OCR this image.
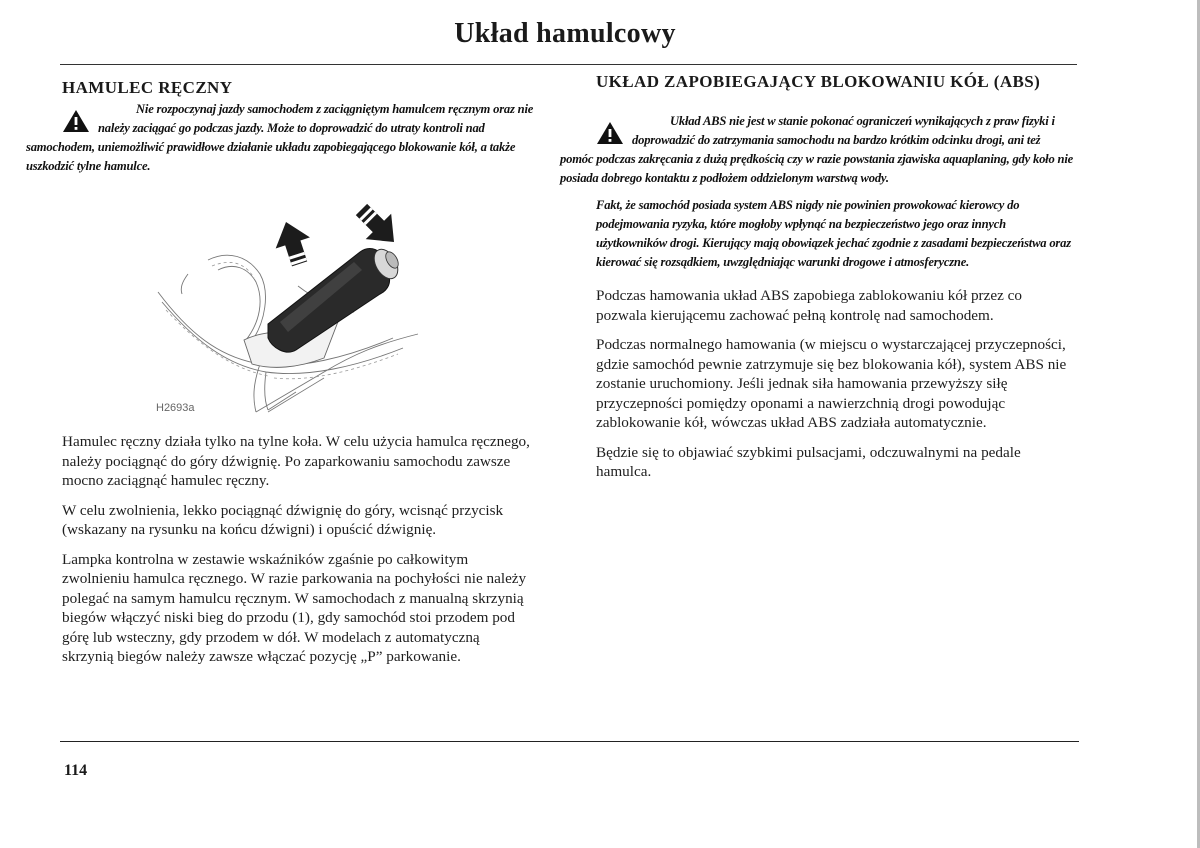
Układ hamulcowy
HAMULEC RĘCZNY

Nie rozpoczynaj jazdy samochodem z zaciągniętym hamulcem ręcznym oraz nie należy zaciągać go podczas jazdy. Może to doprowadzić do utraty kontroli nad samochodem, uniemożliwić prawidłowe działanie układu zapobiegającego blokowanie kół, a także uszkodzić tylne hamulce.

H2693a

Hamulec ręczny działa tylko na tylne koła. W celu użycia hamulca ręcznego, należy pociągnąć do góry dźwignię. Po zaparkowaniu samochodu zawsze mocno zaciągnąć hamulec ręczny.

W celu zwolnienia, lekko pociągnąć dźwignię do góry, wcisnąć przycisk (wskazany na rysunku na końcu dźwigni) i opuścić dźwignię.

Lampka kontrolna w zestawie wskaźników zgaśnie po całkowitym zwolnieniu hamulca ręcznego. W razie parkowania na pochyłości nie należy polegać na samym hamulcu ręcznym. W samochodach z manualną skrzynią biegów włączyć niski bieg do przodu (1), gdy samochód stoi przodem pod górę lub wsteczny, gdy przodem w dół. W modelach z automatyczną skrzynią biegów należy zawsze włączać pozycję „P” parkowanie.

UKŁAD ZAPOBIEGAJĄCY BLOKOWANIU KÓŁ (ABS)

Układ ABS nie jest w stanie pokonać ograniczeń wynikających z praw fizyki i doprowadzić do zatrzymania samochodu na bardzo krótkim odcinku drogi, ani też pomóc podczas zakręcania z dużą prędkością czy w razie powstania zjawiska aquaplaning, gdy koło nie posiada dobrego kontaktu z podłożem oddzielonym warstwą wody.

Fakt, że samochód posiada system ABS nigdy nie powinien prowokować kierowcy do podejmowania ryzyka, które mogłoby wpłynąć na bezpieczeństwo jego oraz innych użytkowników drogi. Kierujący mają obowiązek jechać zgodnie z zasadami bezpieczeństwa oraz kierować się rozsądkiem, uwzględniając warunki drogowe i atmosferyczne.

Podczas hamowania układ ABS zapobiega zablokowaniu kół przez co pozwala kierującemu zachować pełną kontrolę nad samochodem.

Podczas normalnego hamowania (w miejscu o wystarczającej przyczepności, gdzie samochód pewnie zatrzymuje się bez blokowania kół), system ABS nie zostanie uruchomiony. Jeśli jednak siła hamowania przewyższy siłę przyczepności pomiędzy oponami a nawierzchnią drogi powodując zablokowanie kół, wówczas układ ABS zadziała automatycznie.

Będzie się to objawiać szybkimi pulsacjami, odczuwalnymi na pedale hamulca.

114
